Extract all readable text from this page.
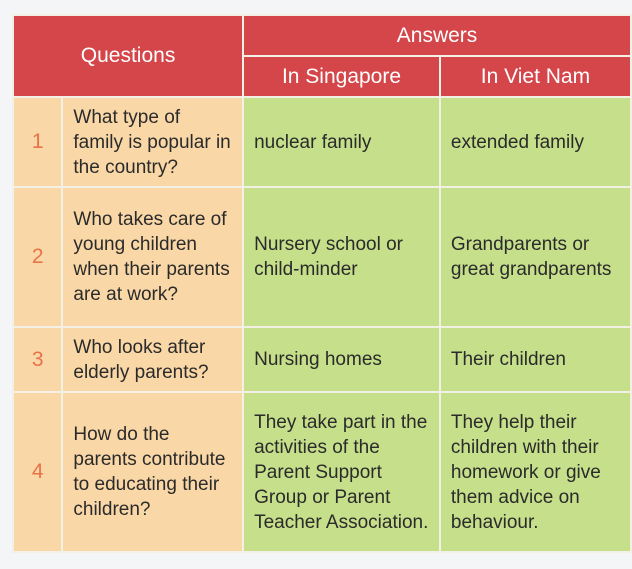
Questions		Answers	
		In Singapore	In Viet Nam
1	What type of family is popular in the country?	nuclear family	extended family
2	Who takes care of young children when their parents are at work?	Nursery school or child-minder	Grandparents or great grandparents
3	Who looks after elderly parents?	Nursing homes	Their children
4	How do the parents contribute to educating their children?	They take part in the activities of the Parent Support Group or Parent Teacher Association.	They help their children with their homework or give them advice on behaviour.
